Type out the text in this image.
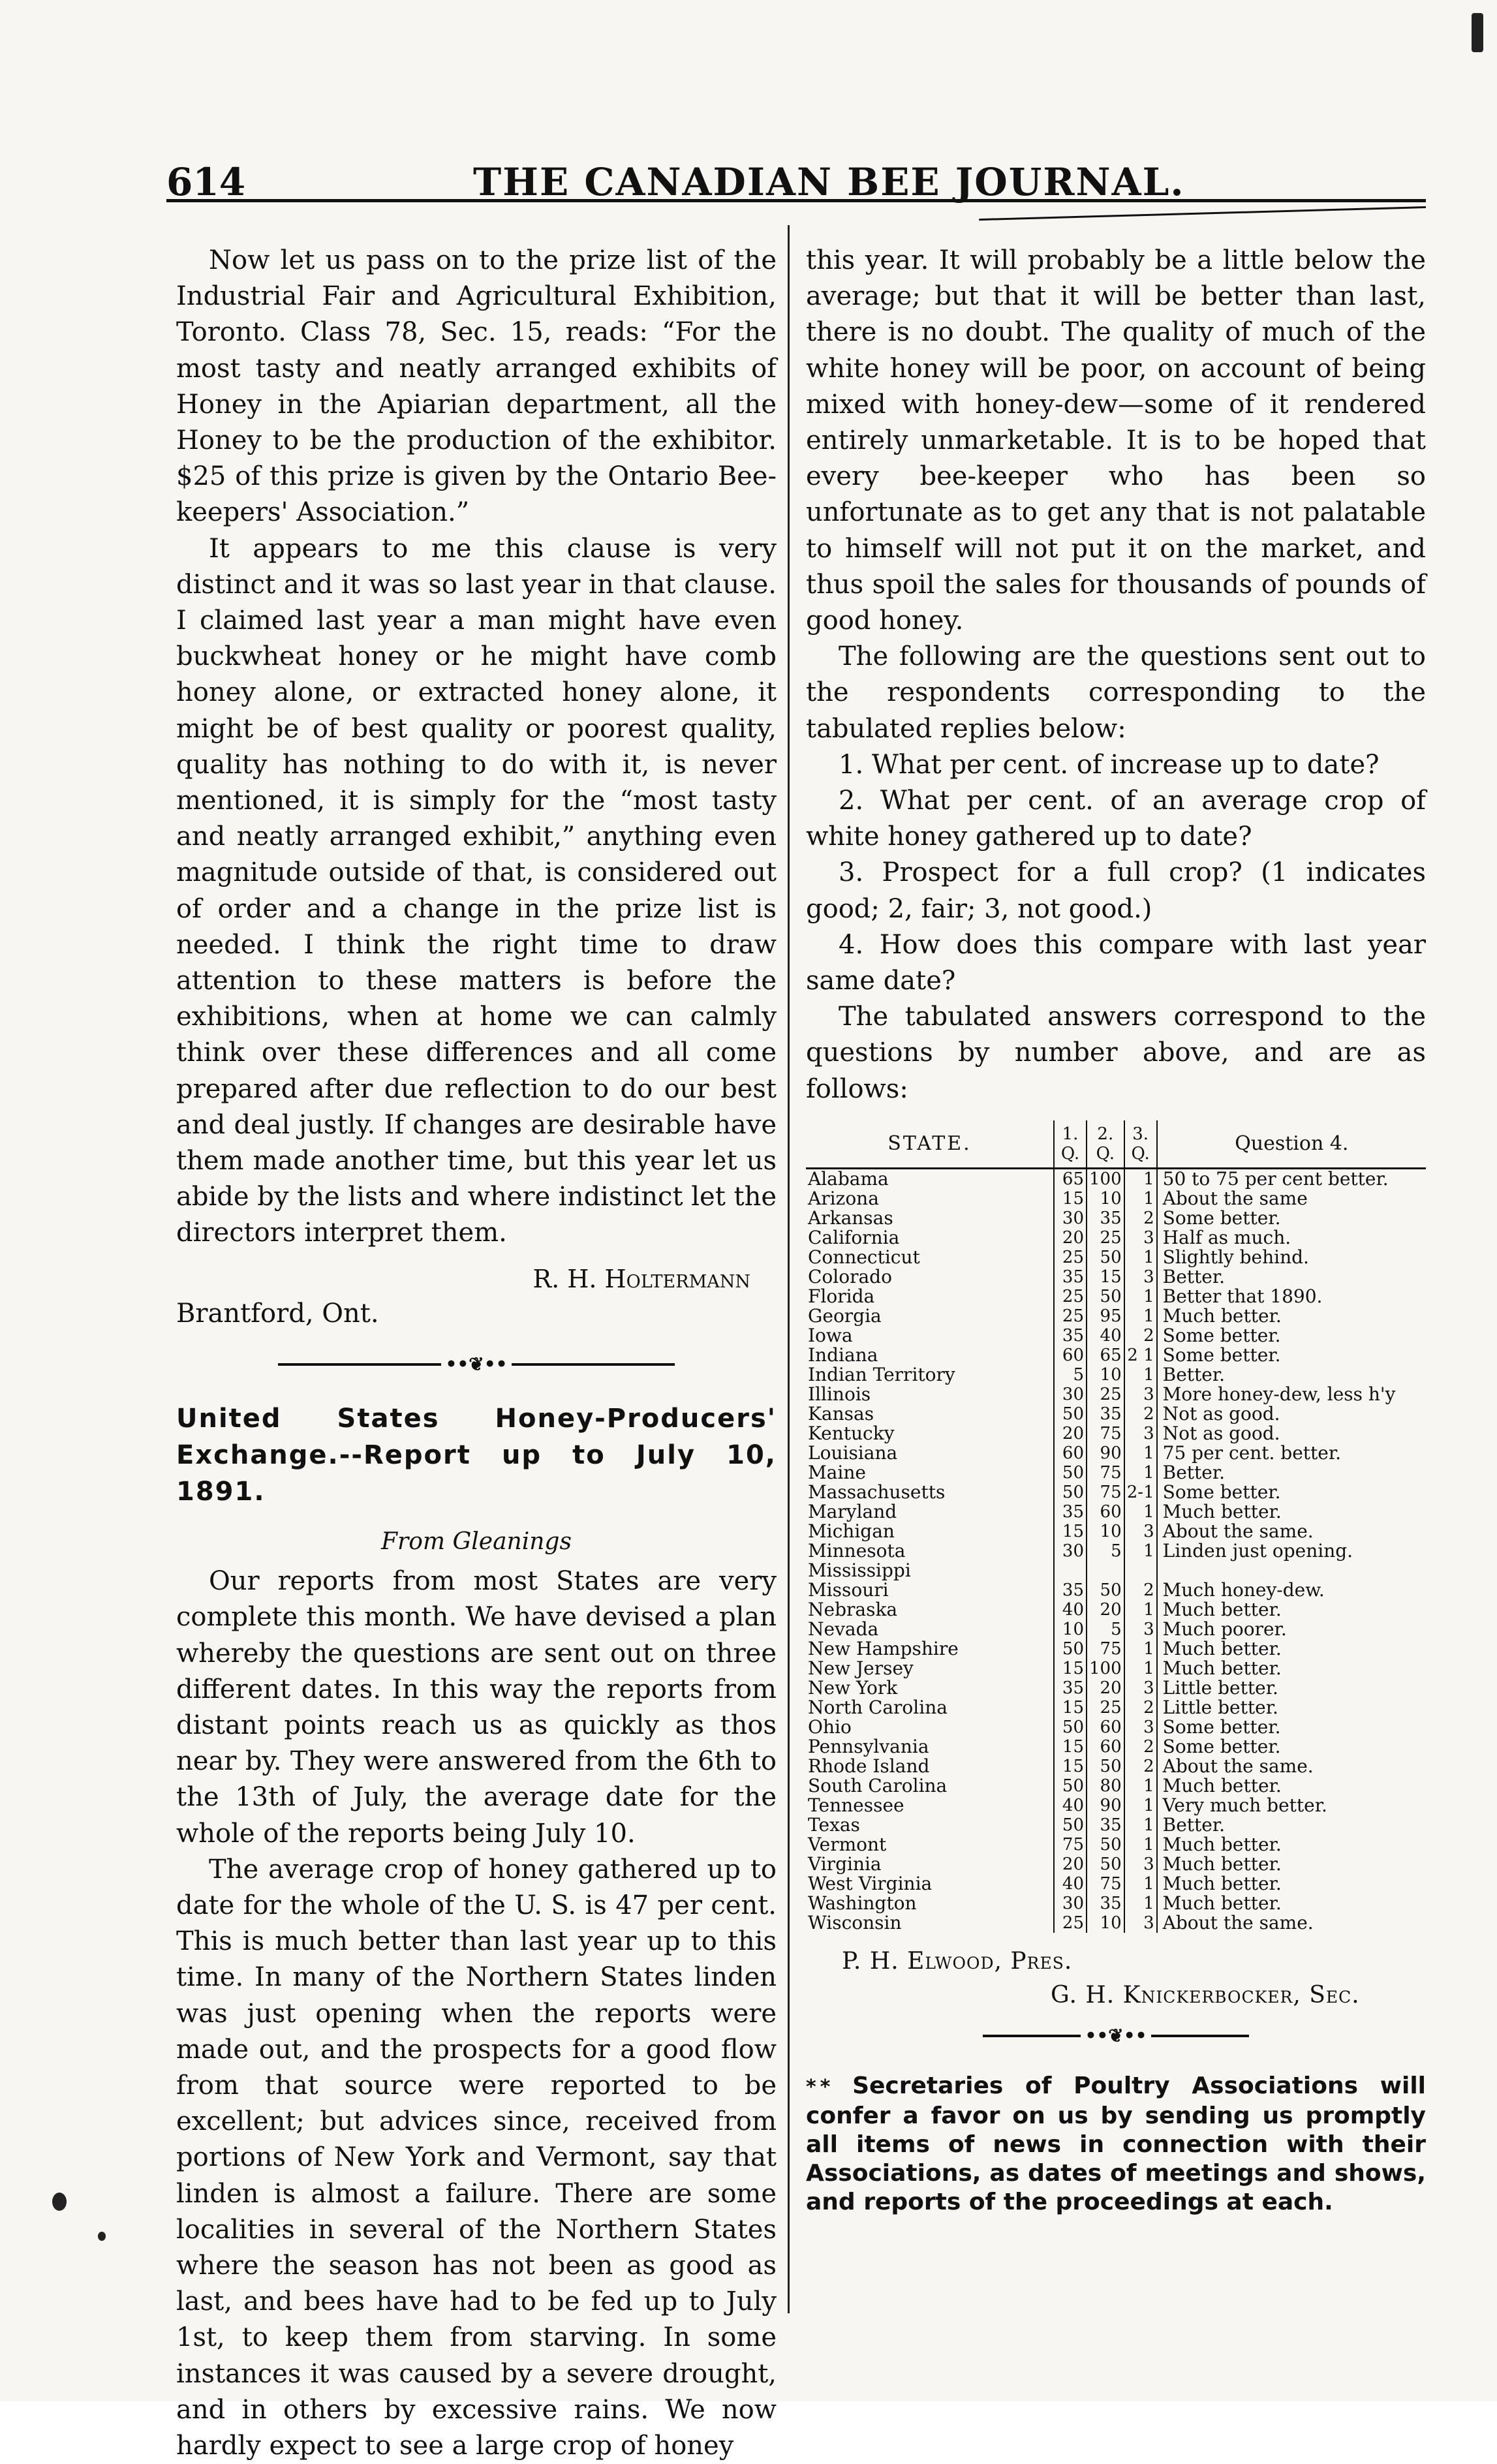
614	THE CANADIAN BEE JOURNAL.

Now let us pass on to the prize list of the Industrial Fair and Agricultural Exhibition, Toronto. Class 78, Sec. 15, reads: “For the most tasty and neatly arranged exhibits of Honey in the Apiarian department, all the Honey to be the production of the exhibitor. $25 of this prize is given by the Ontario Bee-keepers' Association.”

It appears to me this clause is very distinct and it was so last year in that clause. I claimed last year a man might have even buckwheat honey or he might have comb honey alone, or extracted honey alone, it might be of best quality or poorest quality, quality has nothing to do with it, is never mentioned, it is simply for the “most tasty and neatly arranged exhibit,” anything even magnitude outside of that, is considered out of order and a change in the prize list is needed. I think the right time to draw attention to these matters is before the exhibitions, when at home we can calmly think over these differences and all come prepared after due reflection to do our best and deal justly. If changes are desirable have them made another time, but this year let us abide by the lists and where indistinct let the directors interpret them.

R. H. Holtermann
Brantford, Ont.
••❦••
United States Honey-Producers' Exchange.--Report up to July 10, 1891.
From Gleanings

Our reports from most States are very complete this month. We have devised a plan whereby the questions are sent out on three different dates. In this way the reports from distant points reach us as quickly as thos near by. They were answered from the 6th to the 13th of July, the average date for the whole of the reports being July 10.

The average crop of honey gathered up to date for the whole of the U. S. is 47 per cent. This is much better than last year up to this time. In many of the Northern States linden was just opening when the reports were made out, and the prospects for a good flow from that source were reported to be excellent; but advices since, received from portions of New York and Vermont, say that linden is almost a failure. There are some localities in several of the Northern States where the season has not been as good as last, and bees have had to be fed up to July 1st, to keep them from starving. In some instances it was caused by a severe drought, and in others by excessive rains. We now hardly expect to see a large crop of honey

this year. It will probably be a little below the average; but that it will be better than last, there is no doubt. The quality of much of the white honey will be poor, on account of being mixed with honey-dew—some of it rendered entirely unmarketable. It is to be hoped that every bee-keeper who has been so unfortunate as to get any that is not palatable to himself will not put it on the market, and thus spoil the sales for thousands of pounds of good honey.

The following are the questions sent out to the respondents corresponding to the tabulated replies below:

1. What per cent. of increase up to date?

2. What per cent. of an average crop of white honey gathered up to date?

3. Prospect for a full crop? (1 indicates good; 2, fair; 3, not good.)

4. How does this compare with last year same date?

The tabulated answers correspond to the questions by number above, and are as follows:

STATE.	1. Q.	2. Q.	3. Q.	Question 4.
Alabama	65	100	1	50 to 75 per cent better.
Arizona	15	10	1	About the same
Arkansas	30	35	2	Some better.
California	20	25	3	Half as much.
Connecticut	25	50	1	Slightly behind.
Colorado	35	15	3	Better.
Florida	25	50	1	Better that 1890.
Georgia	25	95	1	Much better.
Iowa	35	40	2	Some better.
Indiana	60	65	2 1	Some better.
Indian Territory	5	10	1	Better.
Illinois	30	25	3	More honey-dew, less h'y
Kansas	50	35	2	Not as good.
Kentucky	20	75	3	Not as good.
Louisiana	60	90	1	75 per cent. better.
Maine	50	75	1	Better.
Massachusetts	50	75	2-1	Some better.
Maryland	35	60	1	Much better.
Michigan	15	10	3	About the same.
Minnesota	30	5	1	Linden just opening.
Mississippi				
Missouri	35	50	2	Much honey-dew.
Nebraska	40	20	1	Much better.
Nevada	10	5	3	Much poorer.
New Hampshire	50	75	1	Much better.
New Jersey	15	100	1	Much better.
New York	35	20	3	Little better.
North Carolina	15	25	2	Little better.
Ohio	50	60	3	Some better.
Pennsylvania	15	60	2	Some better.
Rhode Island	15	50	2	About the same.
South Carolina	50	80	1	Much better.
Tennessee	40	90	1	Very much better.
Texas	50	35	1	Better.
Vermont	75	50	1	Much better.
Virginia	20	50	3	Much better.
West Virginia	40	75	1	Much better.
Washington	30	35	1	Much better.
Wisconsin	25	10	3	About the same.
P. H. Elwood, Pres.
G. H. Knickerbocker, Sec.
••❦••
* * Secretaries of Poultry Associations will confer a favor on us by sending us promptly all items of news in connection with their Associations, as dates of meetings and shows, and reports of the proceedings at each.
